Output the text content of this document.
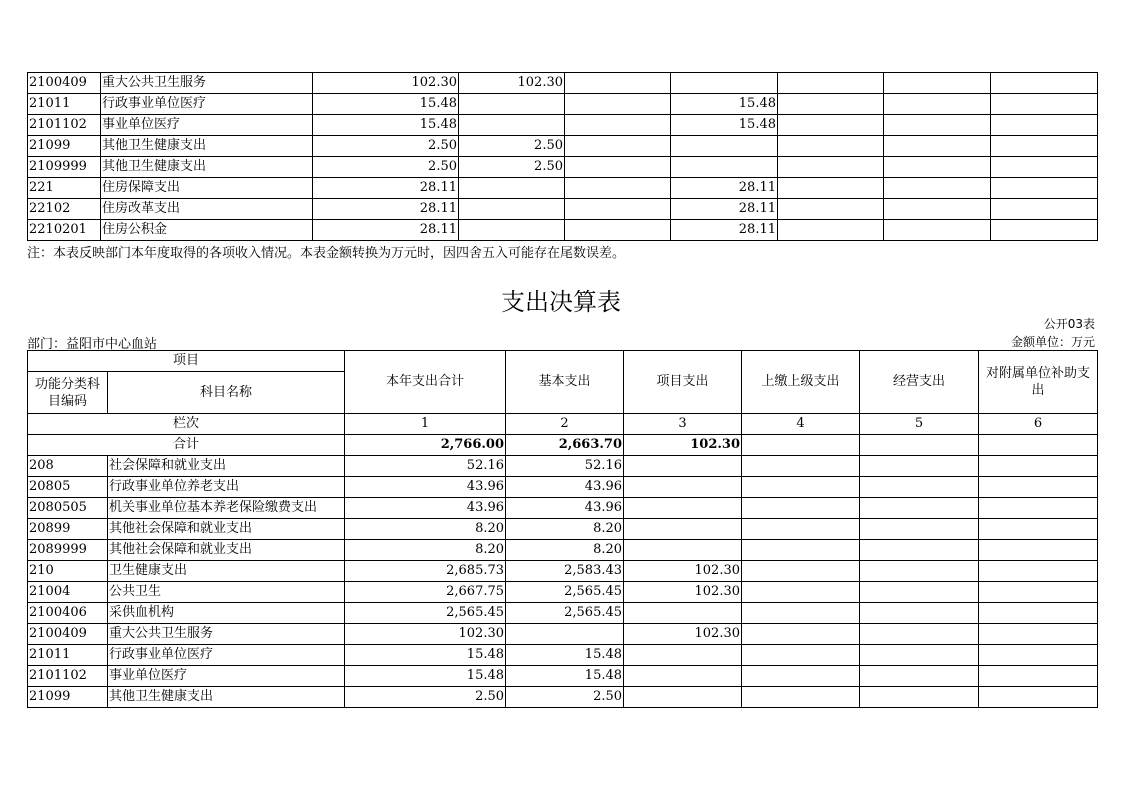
2100409	重大公共卫生服务	102.30	102.30					
21011	行政事业单位医疗	15.48			15.48			
2101102	事业单位医疗	15.48			15.48			
21099	其他卫生健康支出	2.50	2.50					
2109999	其他卫生健康支出	2.50	2.50					
221	住房保障支出	28.11			28.11			
22102	住房改革支出	28.11			28.11			
2210201	住房公积金	28.11			28.11			
注：本表反映部门本年度取得的各项收入情况。本表金额转换为万元时，因四舍五入可能存在尾数误差。
支出决算表
公开03表
部门：益阳市中心血站	金额单位：万元
项目		本年支出合计	基本支出	项目支出	上缴上级支出	经营支出	对附属单位补助支出
功能分类科目编码	科目名称						
栏次		1	2	3	4	5	6
合计		2,766.00	2,663.70	102.30			
208	社会保障和就业支出	52.16	52.16				
20805	行政事业单位养老支出	43.96	43.96				
2080505	机关事业单位基本养老保险缴费支出	43.96	43.96				
20899	其他社会保障和就业支出	8.20	8.20				
2089999	其他社会保障和就业支出	8.20	8.20				
210	卫生健康支出	2,685.73	2,583.43	102.30			
21004	公共卫生	2,667.75	2,565.45	102.30			
2100406	采供血机构	2,565.45	2,565.45				
2100409	重大公共卫生服务	102.30		102.30			
21011	行政事业单位医疗	15.48	15.48				
2101102	事业单位医疗	15.48	15.48				
21099	其他卫生健康支出	2.50	2.50				
